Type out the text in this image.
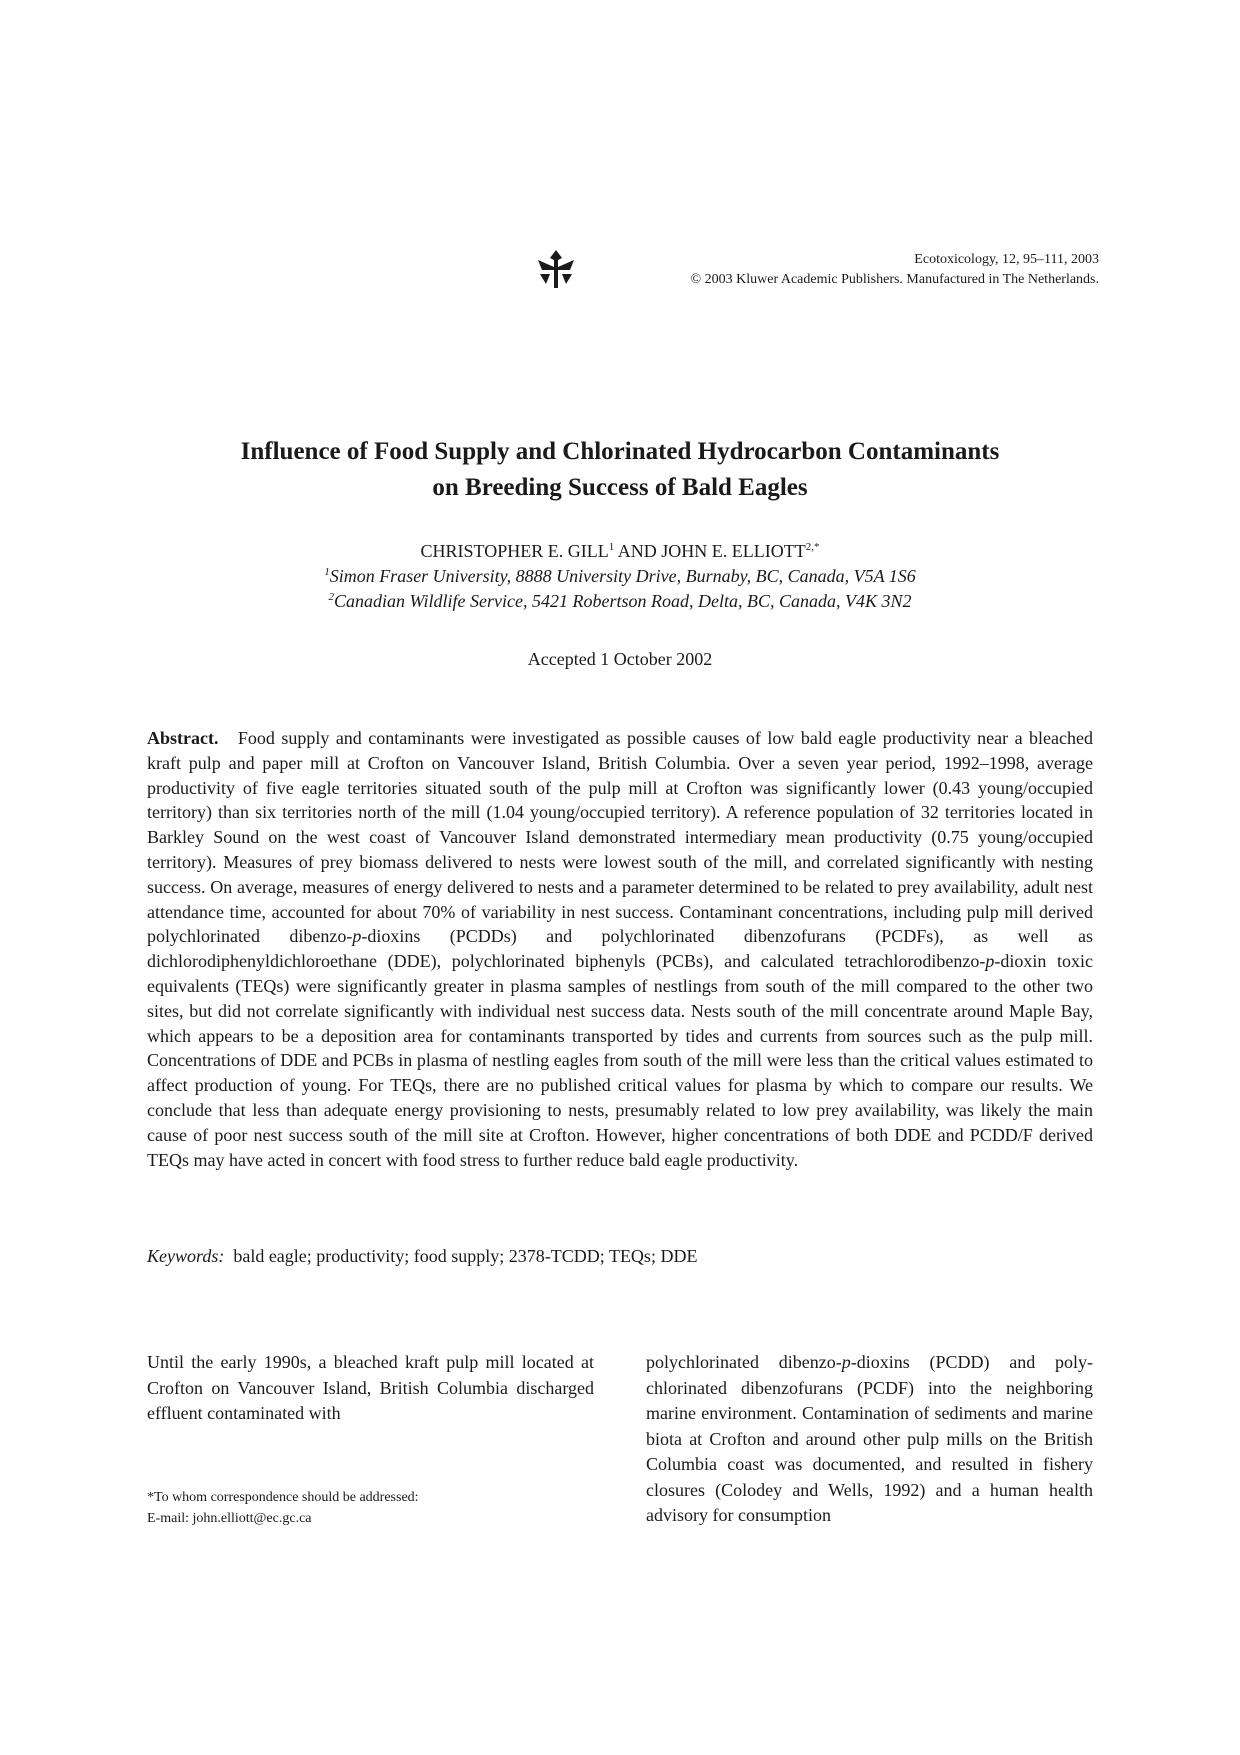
Ecotoxicology, 12, 95–111, 2003
© 2003 Kluwer Academic Publishers. Manufactured in The Netherlands.
Influence of Food Supply and Chlorinated Hydrocarbon Contaminants
on Breeding Success of Bald Eagles
CHRISTOPHER E. GILL$^1$ AND JOHN E. $ELLIOTT^{2,*}$
$^1$Simon Fraser University, 8888 University Drive, Burnaby, BC, Canada, V5A 1S6
$^2$Canadian Wildlife Service, 5421 Robertson Road, Delta, BC, Canada, V4K 3N2
Accepted 1 October 2002
Abstract. Food supply and contaminants were investigated as possible causes of low bald eagle productivity near a bleached kraft pulp and paper mill at Crofton on Vancouver Island, British Columbia. Over a seven year period, 1992–1998, average productivity of five eagle territories situated south of the pulp mill at Crofton was significantly lower (0.43 young/occupied territory) than six territories north of the mill (1.04 young/occupied territory). A reference population of 32 territories located in Barkley Sound on the west coast of Vancouver Island demonstrated intermediary mean productivity (0.75 young/occupied territory). Measures of prey biomass delivered to nests were lowest south of the mill, and correlated significantly with nesting success. On average, measures of energy delivered to nests and a parameter determined to be related to prey availability, adult nest attendance time, accounted for about 70% of variability in nest success. Contaminant concentrations, including pulp mill derived polychlorinated dibenzo-p-dioxins (PCDDs) and polychlorinated dibenzofurans (PCDFs), as well as dichlorodiphenyldichloroethane (DDE), polychlorinated biphenyls (PCBs), and calculated tetrachlorodibenzo-p-dioxin toxic equivalents (TEQs) were significantly greater in plasma samples of nestlings from south of the mill compared to the other two sites, but did not correlate significantly with individual nest success data. Nests south of the mill concentrate around Maple Bay, which appears to be a deposition area for contaminants transported by tides and currents from sources such as the pulp mill. Concentrations of DDE and PCBs in plasma of nestling eagles from south of the mill were less than the critical values estimated to affect production of young. For TEQs, there are no published critical values for plasma by which to compare our results. We conclude that less than adequate energy provisioning to nests, presumably related to low prey availability, was likely the main cause of poor nest success south of the mill site at Crofton. However, higher concentrations of both DDE and PCDD/F derived TEQs may have acted in concert with food stress to further reduce bald eagle productivity.
Keywords: bald eagle; productivity; food supply; 2378-TCDD; TEQs; DDE
Until the early 1990s, a bleached kraft pulp mill located at Crofton on Vancouver Island, British Columbia discharged effluent contaminated with
polychlorinated dibenzo-p-dioxins (PCDD) and polychlorinated dibenzofurans (PCDF) into the neighboring marine environment. Contamination of sediments and marine biota at Crofton and around other pulp mills on the British Columbia coast was documented, and resulted in fishery closures (Colodey and Wells, 1992) and a human health advisory for consumption
*To whom correspondence should be addressed:
E-mail: john.elliott@ec.gc.ca
